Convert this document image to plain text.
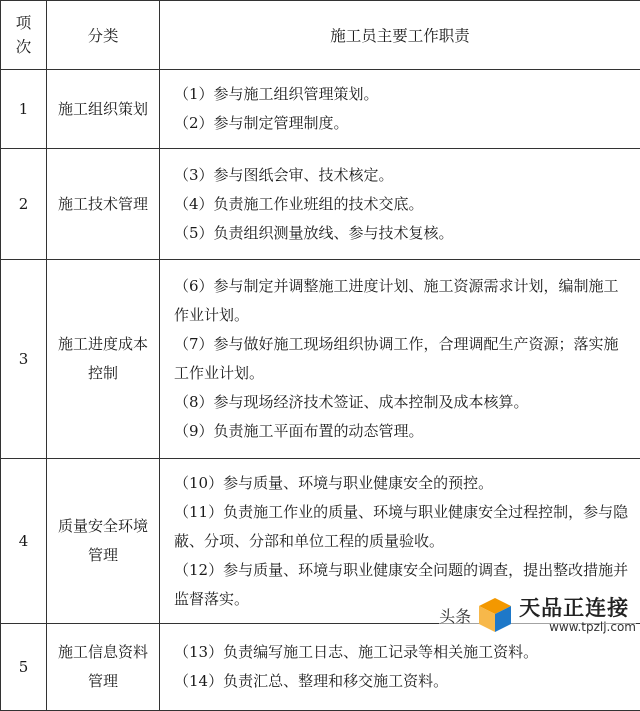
项次	分类	施工员主要工作职责
1	施工组织策划	（1）参与施工组织管理策划。

（2）参与制定管理制度。

2	施工技术管理	（3）参与图纸会审、技术核定。

（4）负责施工作业班组的技术交底。

（5）负责组织测量放线、参与技术复核。

3	施工进度成本控制	（6）参与制定并调整施工进度计划、施工资源需求计划，编制施工作业计划。

（7）参与做好施工现场组织协调工作，合理调配生产资源；落实施工作业计划。

（8）参与现场经济技术签证、成本控制及成本核算。

（9）负责施工平面布置的动态管理。

4	质量安全环境管理	（10）参与质量、环境与职业健康安全的预控。

（11）负责施工作业的质量、环境与职业健康安全过程控制，参与隐蔽、分项、分部和单位工程的质量验收。

（12）参与质量、环境与职业健康安全问题的调查，提出整改措施并监督落实。

5	施工信息资料管理	（13）负责编写施工日志、施工记录等相关施工资料。

（14）负责汇总、整理和移交施工资料。

头条 天品正连接
www.tpzlj.com
